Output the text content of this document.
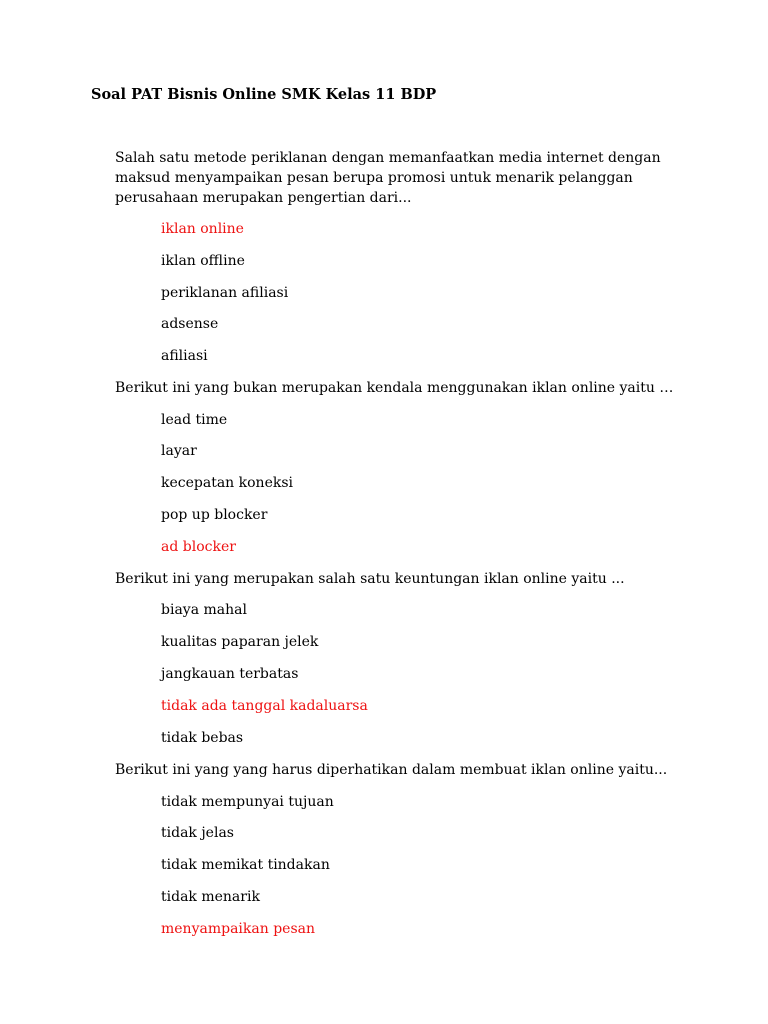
Soal PAT Bisnis Online SMK Kelas 11 BDP
Salah satu metode periklanan dengan memanfaatkan media internet dengan maksud menyampaikan pesan berupa promosi untuk menarik pelanggan perusahaan merupakan pengertian dari...
iklan online
iklan offline
periklanan afiliasi
adsense
afiliasi
Berikut ini yang bukan merupakan kendala menggunakan iklan online yaitu …
lead time
layar
kecepatan koneksi
pop up blocker
ad blocker
Berikut ini yang merupakan salah satu keuntungan iklan online yaitu ...
biaya mahal
kualitas paparan jelek
jangkauan terbatas
tidak ada tanggal kadaluarsa
tidak bebas
Berikut ini yang yang harus diperhatikan dalam membuat iklan online yaitu...
tidak mempunyai tujuan
tidak jelas
tidak memikat tindakan
tidak menarik
menyampaikan pesan
